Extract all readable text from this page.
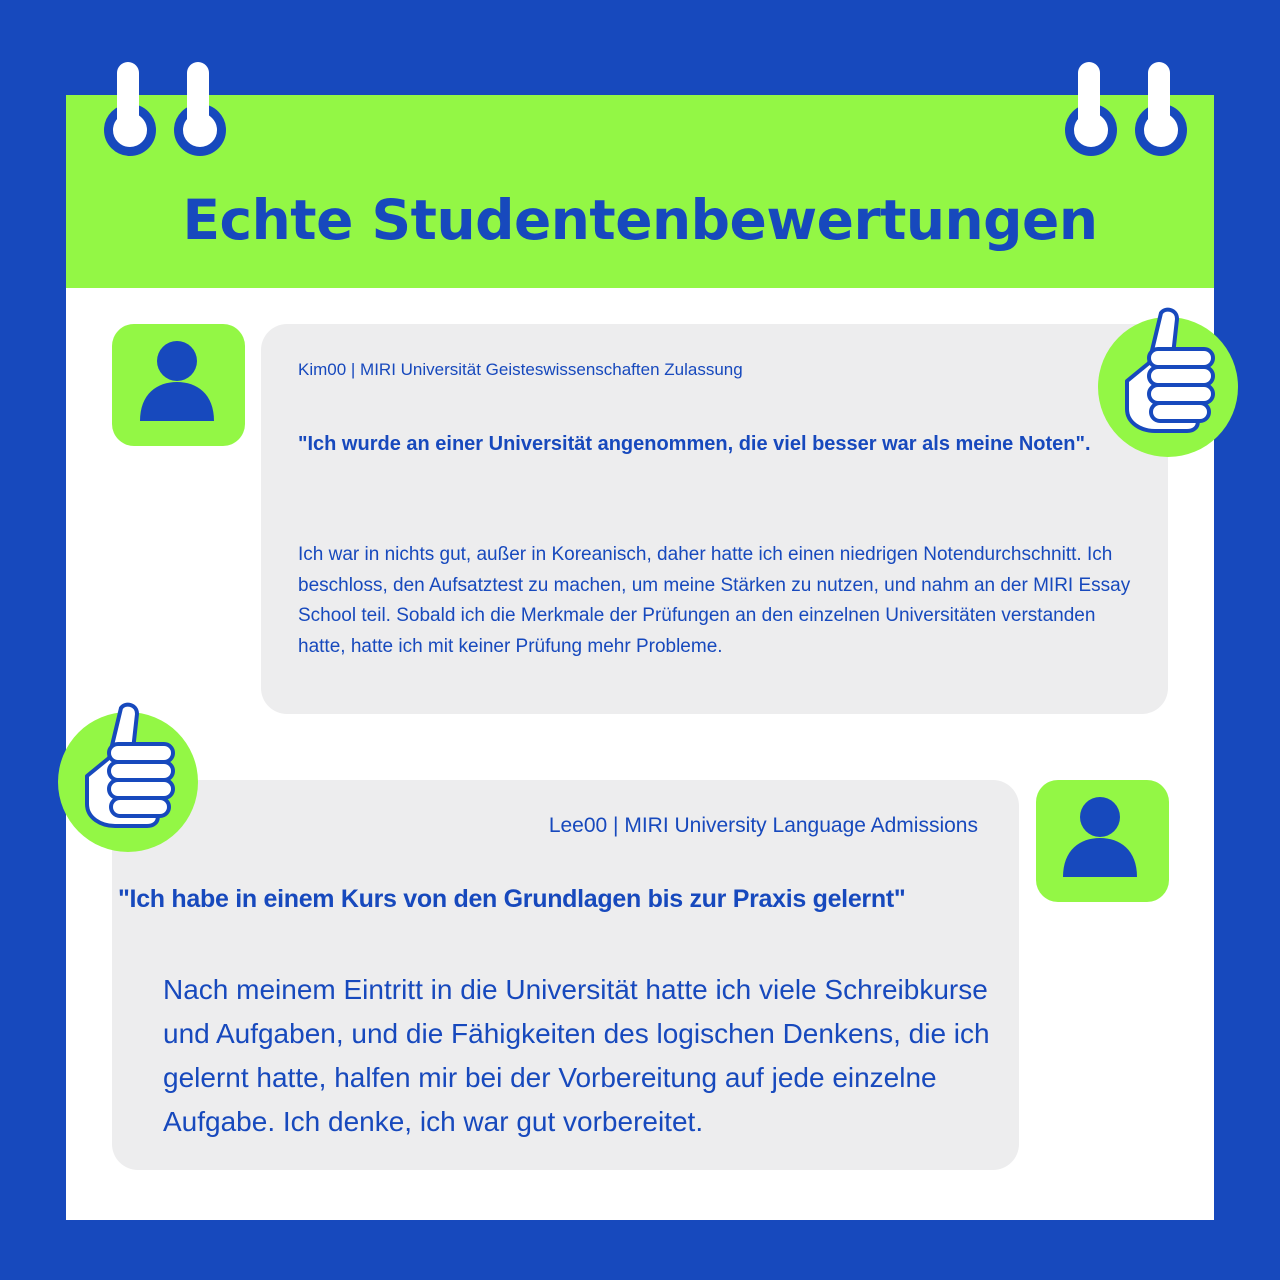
Echte Studentenbewertungen
Kim00 | MIRI Universität Geisteswissenschaften Zulassung
"Ich wurde an einer Universität angenommen, die viel besser war als meine Noten".
Ich war in nichts gut, außer in Koreanisch, daher hatte ich einen niedrigen Notendurchschnitt. Ich beschloss, den Aufsatztest zu machen, um meine Stärken zu nutzen, und nahm an der MIRI Essay School teil. Sobald ich die Merkmale der Prüfungen an den einzelnen Universitäten verstanden hatte, hatte ich mit keiner Prüfung mehr Probleme.
Lee00 | MIRI University Language Admissions
"Ich habe in einem Kurs von den Grundlagen bis zur Praxis gelernt"
Nach meinem Eintritt in die Universität hatte ich viele Schreibkurse und Aufgaben, und die Fähigkeiten des logischen Denkens, die ich gelernt hatte, halfen mir bei der Vorbereitung auf jede einzelne Aufgabe. Ich denke, ich war gut vorbereitet.
